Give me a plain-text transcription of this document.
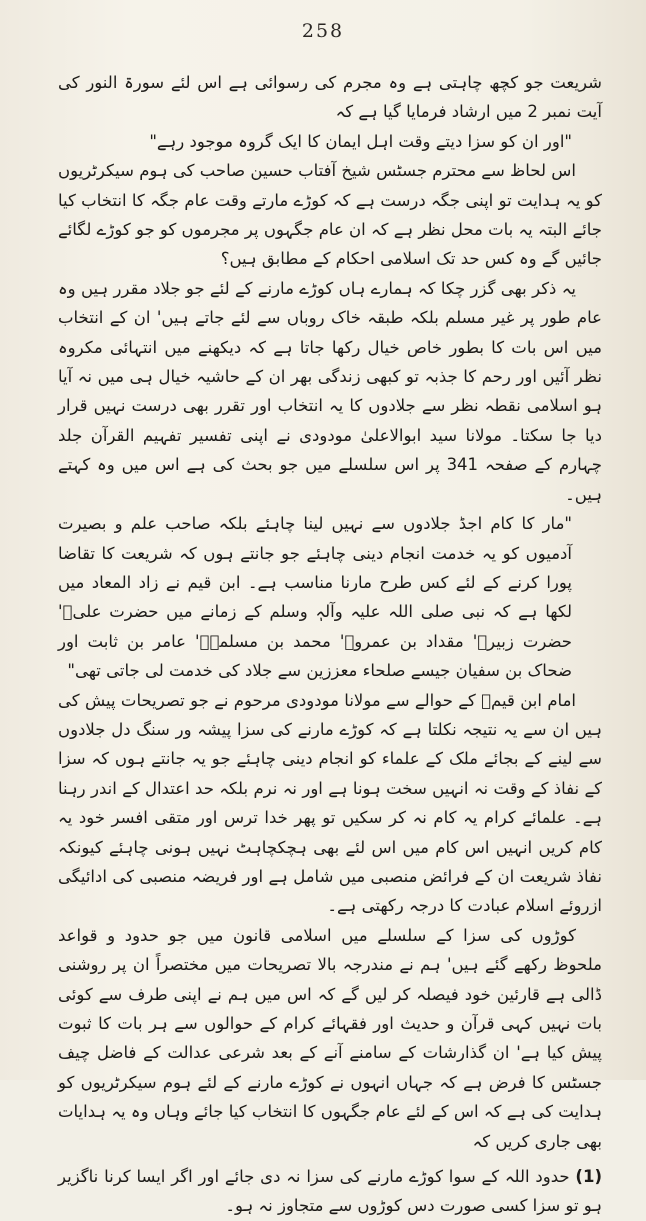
258

شریعت جو کچھ چاہتی ہے وہ مجرم کی رسوائی ہے اس لئے سورۃ النور کی آیت نمبر 2 میں ارشاد فرمایا گیا ہے کہ

"اور ان کو سزا دیتے وقت اہل ایمان کا ایک گروہ موجود رہے"

اس لحاظ سے محترم جسٹس شیخ آفتاب حسین صاحب کی ہوم سیکرٹریوں کو یہ ہدایت تو اپنی جگہ درست ہے کہ کوڑے مارتے وقت عام جگہ کا انتخاب کیا جائے البتہ یہ بات محل نظر ہے کہ ان عام جگہوں پر مجرموں کو جو کوڑے لگائے جائیں گے وہ کس حد تک اسلامی احکام کے مطابق ہیں؟

یہ ذکر بھی گزر چکا کہ ہمارے ہاں کوڑے مارنے کے لئے جو جلاد مقرر ہیں وہ عام طور پر غیر مسلم بلکہ طبقہ خاک روباں سے لئے جاتے ہیں' ان کے انتخاب میں اس بات کا بطور خاص خیال رکھا جاتا ہے کہ دیکھنے میں انتہائی مکروہ نظر آئیں اور رحم کا جذبہ تو کبھی زندگی بھر ان کے حاشیہ خیال ہی میں نہ آیا ہو اسلامی نقطہ نظر سے جلادوں کا یہ انتخاب اور تقرر بھی درست نہیں قرار دیا جا سکتا۔ مولانا سید ابوالاعلیٰ مودودی نے اپنی تفسیر تفہیم القرآن جلد چہارم کے صفحہ 341 پر اس سلسلے میں جو بحث کی ہے اس میں وہ کہتے ہیں۔

"مار کا کام اجڈ جلادوں سے نہیں لینا چاہئے بلکہ صاحب علم و بصیرت آدمیوں کو یہ خدمت انجام دینی چاہئے جو جانتے ہوں کہ شریعت کا تقاضا پورا کرنے کے لئے کس طرح مارنا مناسب ہے۔ ابن قیم نے زاد المعاد میں لکھا ہے کہ نبی صلی اللہ علیہ وآلہٖ وسلم کے زمانے میں حضرت علیؓ' حضرت زبیرؓ' مقداد بن عمروؓ' محمد بن مسلمہؓ' عامر بن ثابت اور ضحاک بن سفیان جیسے صلحاء معززین سے جلاد کی خدمت لی جاتی تھی"

امام ابن قیمؒ کے حوالے سے مولانا مودودی مرحوم نے جو تصریحات پیش کی ہیں ان سے یہ نتیجہ نکلتا ہے کہ کوڑے مارنے کی سزا پیشہ ور سنگ دل جلادوں سے لینے کے بجائے ملک کے علماء کو انجام دینی چاہئے جو یہ جانتے ہوں کہ سزا کے نفاذ کے وقت نہ انہیں سخت ہونا ہے اور نہ نرم بلکہ حد اعتدال کے اندر رہنا ہے۔ علمائے کرام یہ کام نہ کر سکیں تو پھر خدا ترس اور متقی افسر خود یہ کام کریں انہیں اس کام میں اس لئے بھی ہچکچاہٹ نہیں ہونی چاہئے کیونکہ نفاذ شریعت ان کے فرائض منصبی میں شامل ہے اور فریضہ منصبی کی ادائیگی ازروئے اسلام عبادت کا درجہ رکھتی ہے۔

کوڑوں کی سزا کے سلسلے میں اسلامی قانون میں جو حدود و قواعد ملحوظ رکھے گئے ہیں' ہم نے مندرجہ بالا تصریحات میں مختصراً ان پر روشنی ڈالی ہے قارئین خود فیصلہ کر لیں گے کہ اس میں ہم نے اپنی طرف سے کوئی بات نہیں کہی قرآن و حدیث اور فقہائے کرام کے حوالوں سے ہر بات کا ثبوت پیش کیا ہے' ان گذارشات کے سامنے آنے کے بعد شرعی عدالت کے فاضل چیف جسٹس کا فرض ہے کہ جہاں انہوں نے کوڑے مارنے کے لئے ہوم سیکرٹریوں کو ہدایت کی ہے کہ اس کے لئے عام جگہوں کا انتخاب کیا جائے وہاں وہ یہ ہدایات بھی جاری کریں کہ

(1) حدود اللہ کے سوا کوڑے مارنے کی سزا نہ دی جائے اور اگر ایسا کرنا ناگزیر ہو تو سزا کسی صورت دس کوڑوں سے متجاوز نہ ہو۔
